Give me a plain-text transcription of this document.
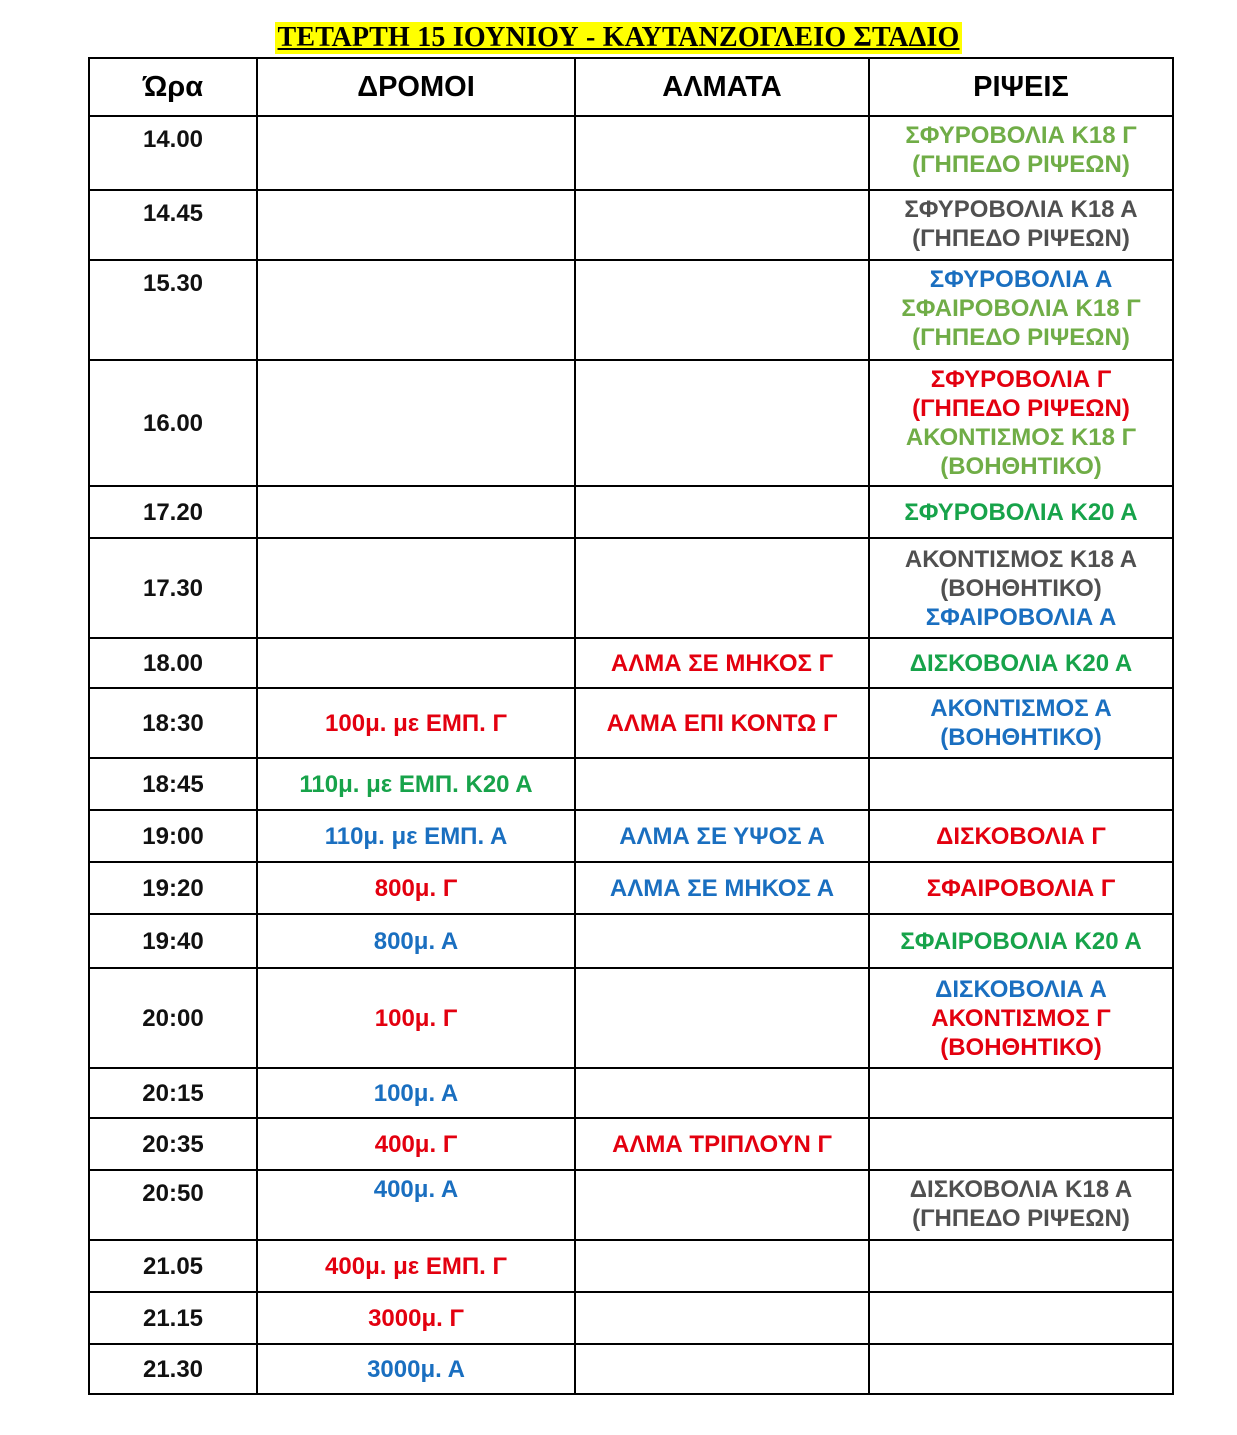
ΤΕΤΑΡΤΗ 15 ΙΟΥΝΙΟΥ - ΚΑΥΤΑΝΖΟΓΛΕΙΟ ΣΤΑΔΙΟ
Ώρα	ΔΡΟΜΟΙ	ΑΛΜΑΤΑ	ΡΙΨΕΙΣ
14.00			ΣΦΥΡΟΒΟΛΙΑ Κ18 Γ
(ΓΗΠΕΔΟ ΡΙΨΕΩΝ)

14.45			ΣΦΥΡΟΒΟΛΙΑ Κ18 Α
(ΓΗΠΕΔΟ ΡΙΨΕΩΝ)

15.30			ΣΦΥΡΟΒΟΛΙΑ Α
ΣΦΑΙΡΟΒΟΛΙΑ Κ18 Γ
(ΓΗΠΕΔΟ ΡΙΨΕΩΝ)

16.00			ΣΦΥΡΟΒΟΛΙΑ Γ
(ΓΗΠΕΔΟ ΡΙΨΕΩΝ)
ΑΚΟΝΤΙΣΜΟΣ Κ18 Γ
(ΒΟΗΘΗΤΙΚΟ)

17.20			ΣΦΥΡΟΒΟΛΙΑ Κ20 Α

17.30			ΑΚΟΝΤΙΣΜΟΣ Κ18 Α
(ΒΟΗΘΗΤΙΚΟ)
ΣΦΑΙΡΟΒΟΛΙΑ Α

18.00		ΑΛΜΑ ΣΕ ΜΗΚΟΣ Γ	ΔΙΣΚΟΒΟΛΙΑ Κ20 Α

18:30	100μ. με ΕΜΠ. Γ	ΑΛΜΑ ΕΠΙ ΚΟΝΤΩ Γ	ΑΚΟΝΤΙΣΜΟΣ Α
(ΒΟΗΘΗΤΙΚΟ)

18:45	110μ. με ΕΜΠ. Κ20 Α		

19:00	110μ. με ΕΜΠ. Α	ΑΛΜΑ ΣΕ ΥΨΟΣ Α	ΔΙΣΚΟΒΟΛΙΑ Γ

19:20	800μ. Γ	ΑΛΜΑ ΣΕ ΜΗΚΟΣ Α	ΣΦΑΙΡΟΒΟΛΙΑ Γ

19:40	800μ. Α		ΣΦΑΙΡΟΒΟΛΙΑ Κ20 Α

20:00	100μ. Γ		ΔΙΣΚΟΒΟΛΙΑ Α
ΑΚΟΝΤΙΣΜΟΣ Γ
(ΒΟΗΘΗΤΙΚΟ)

20:15	100μ. Α		

20:35	400μ. Γ	ΑΛΜΑ ΤΡΙΠΛΟΥΝ Γ	

20:50	400μ. Α		ΔΙΣΚΟΒΟΛΙΑ Κ18 Α
(ΓΗΠΕΔΟ ΡΙΨΕΩΝ)

21.05	400μ. με ΕΜΠ. Γ		

21.15	3000μ. Γ		

21.30	3000μ. Α		
